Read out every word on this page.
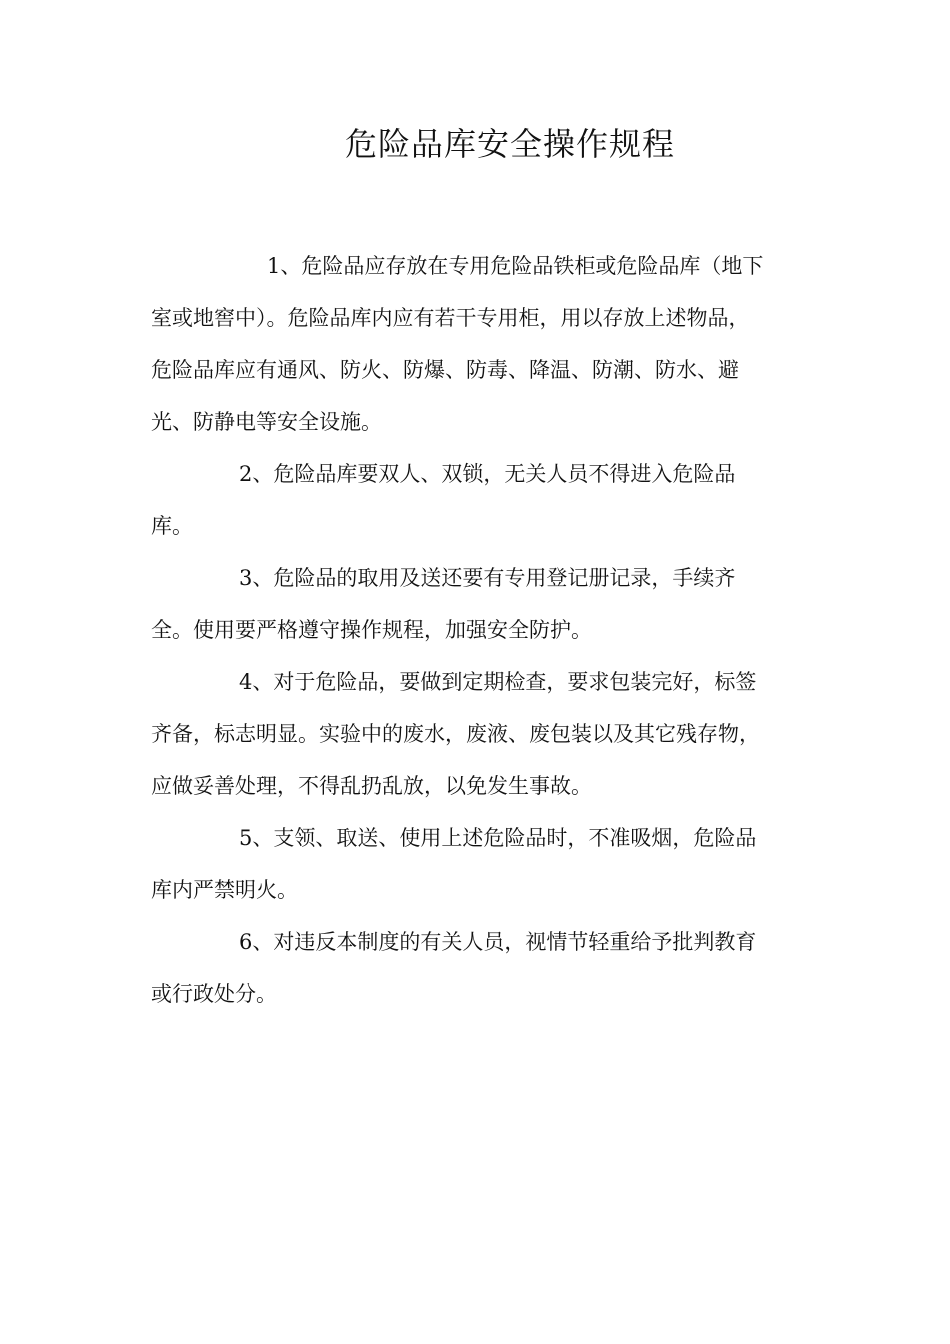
危险品库安全操作规程

1、危险品应存放在专用危险品铁柜或危险品库（地下
室或地窖中）。危险品库内应有若干专用柜，用以存放上述物品，
危险品库应有通风、防火、防爆、防毒、降温、防潮、防水、避
光、防静电等安全设施。

2、危险品库要双人、双锁，无关人员不得进入危险品
库。

3、危险品的取用及送还要有专用登记册记录，手续齐
全。使用要严格遵守操作规程，加强安全防护。

4、对于危险品，要做到定期检查，要求包装完好，标签
齐备，标志明显。实验中的废水，废液、废包装以及其它残存物，
应做妥善处理，不得乱扔乱放，以免发生事故。

5、支领、取送、使用上述危险品时，不准吸烟，危险品
库内严禁明火。

6、对违反本制度的有关人员，视情节轻重给予批判教育
或行政处分。
